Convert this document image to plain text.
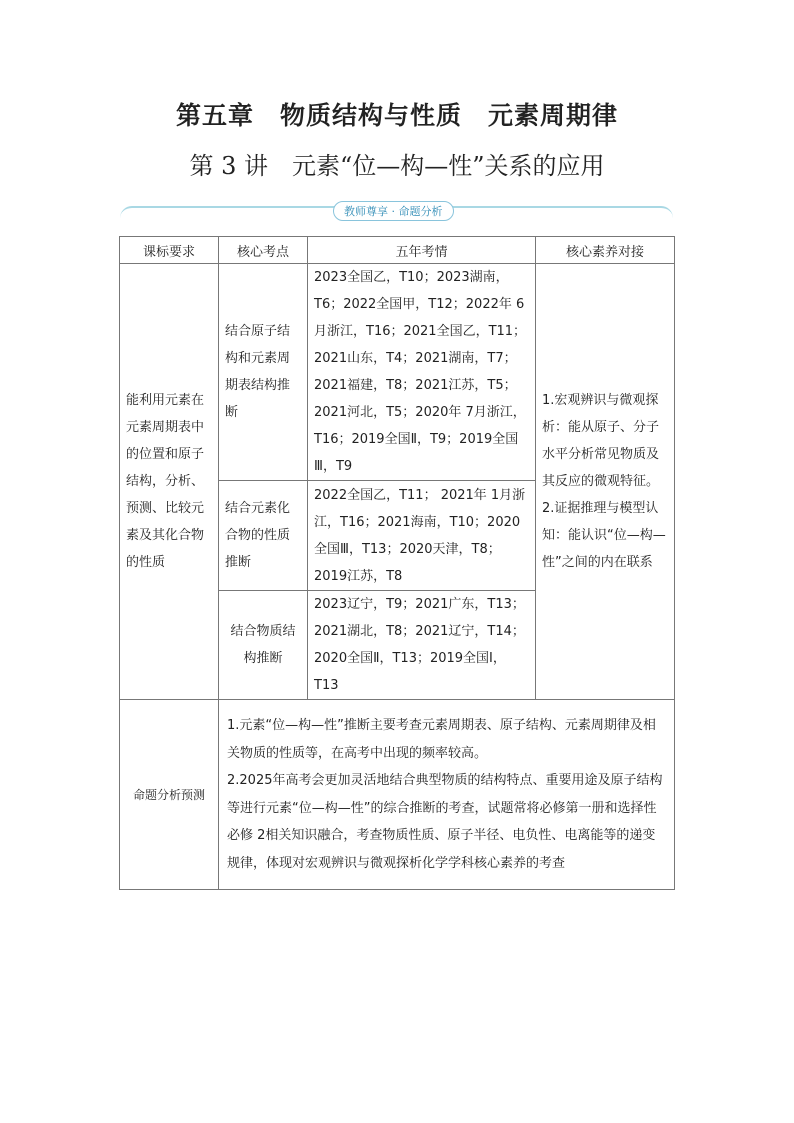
第五章　物质结构与性质　元素周期律
第 3 讲　元素“位—构—性”关系的应用
教师尊享 · 命题分析
课标要求	核心考点	五年考情	核心素养对接
能利用元素在元素周期表中的位置和原子结构，分析、预测、比较元素及其化合物的性质	结合原子结构和元素周期表结构推断	2023全国乙，T10；2023湖南，T6；2022全国甲，T12；2022年 6月浙江，T16；2021全国乙，T11；2021山东，T4；2021湖南，T7；2021福建，T8；2021江苏，T5；2021河北，T5；2020年 7月浙江，T16；2019全国Ⅱ，T9；2019全国Ⅲ，T9	1.宏观辨识与微观探析：能从原子、分子水平分析常见物质及其反应的微观特征。
2.证据推理与模型认知：能认识“位—构—性”之间的内在联系

	结合元素化合物的性质推断	2022全国乙，T11； 2021年 1月浙江，T16；2021海南，T10；2020全国Ⅲ，T13；2020天津，T8；2019江苏，T8	
	结合物质结构推断	2023辽宁，T9；2021广东，T13；2021湖北，T8；2021辽宁，T14；2020全国Ⅱ，T13；2019全国Ⅰ，T13	
命题分析预测	1.元素“位—构—性”推断主要考查元素周期表、原子结构、元素周期律及相关物质的性质等，在高考中出现的频率较高。
2.2025年高考会更加灵活地结合典型物质的结构特点、重要用途及原子结构等进行元素“位—构—性”的综合推断的考查，试题常将必修第一册和选择性必修 2相关知识融合，考查物质性质、原子半径、电负性、电离能等的递变规律，体现对宏观辨识与微观探析化学学科核心素养的考查		
